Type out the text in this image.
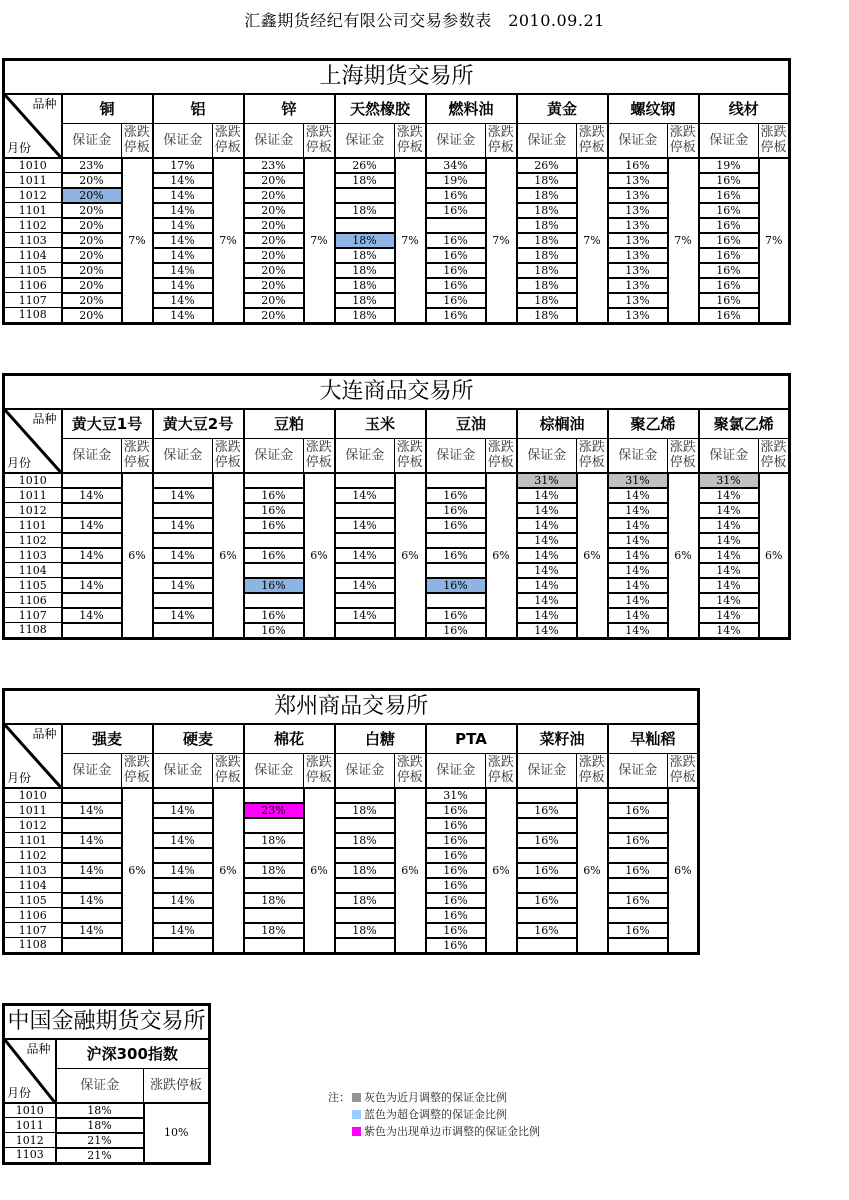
汇鑫期货经纪有限公司交易参数表　2010.09.21
上海期货交易所																

品种
月份	铜		铝		锌		天然橡胶		燃料油		黄金		螺纹钢		线材	
	保证金	涨跌停板	保证金	涨跌停板	保证金	涨跌停板	保证金	涨跌停板	保证金	涨跌停板	保证金	涨跌停板	保证金	涨跌停板	保证金	涨跌停板
1010	23%	7%	17%	7%	23%	7%	26%	7%	34%	7%	26%	7%	16%	7%	19%	7%
1011	20%		14%		20%		18%		19%		18%		13%		16%	
1012	20%		14%		20%				16%		18%		13%		16%	
1101	20%		14%		20%		18%		16%		18%		13%		16%	
1102	20%		14%		20%						18%		13%		16%	
1103	20%		14%		20%		18%		16%		18%		13%		16%	
1104	20%		14%		20%		18%		16%		18%		13%		16%	
1105	20%		14%		20%		18%		16%		18%		13%		16%	
1106	20%		14%		20%		18%		16%		18%		13%		16%	
1107	20%		14%		20%		18%		16%		18%		13%		16%	
1108	20%		14%		20%		18%		16%		18%		13%		16%	
大连商品交易所																

品种
月份	黄大豆1号		黄大豆2号		豆粕		玉米		豆油		棕榈油		聚乙烯		聚氯乙烯	
	保证金	涨跌停板	保证金	涨跌停板	保证金	涨跌停板	保证金	涨跌停板	保证金	涨跌停板	保证金	涨跌停板	保证金	涨跌停板	保证金	涨跌停板
1010		6%		6%		6%		6%		6%	31%	6%	31%	6%	31%	6%
1011	14%		14%		16%		14%		16%		14%		14%		14%	
1012					16%				16%		14%		14%		14%	
1101	14%		14%		16%		14%		16%		14%		14%		14%	
1102											14%		14%		14%	
1103	14%		14%		16%		14%		16%		14%		14%		14%	
1104											14%		14%		14%	
1105	14%		14%		16%		14%		16%		14%		14%		14%	
1106											14%		14%		14%	
1107	14%		14%		16%		14%		16%		14%		14%		14%	
1108					16%				16%		14%		14%		14%	
郑州商品交易所														

品种
月份	强麦		硬麦		棉花		白糖		PTA		菜籽油		早籼稻	
	保证金	涨跌停板	保证金	涨跌停板	保证金	涨跌停板	保证金	涨跌停板	保证金	涨跌停板	保证金	涨跌停板	保证金	涨跌停板
1010		6%		6%		6%		6%	31%	6%		6%		6%
1011	14%		14%		23%		18%		16%		16%		16%	
1012									16%					
1101	14%		14%		18%		18%		16%		16%		16%	
1102									16%					
1103	14%		14%		18%		18%		16%		16%		16%	
1104									16%					
1105	14%		14%		18%		18%		16%		16%		16%	
1106									16%					
1107	14%		14%		18%		18%		16%		16%		16%	
1108									16%					
中国金融期货交易所		

品种
月份	沪深300指数	
	保证金	涨跌停板
1010	18%	10%
1011	18%	
1012	21%	
1103	21%	
注： 灰色为近月调整的保证金比例
蓝色为超仓调整的保证金比例
紫色为出现单边市调整的保证金比例
